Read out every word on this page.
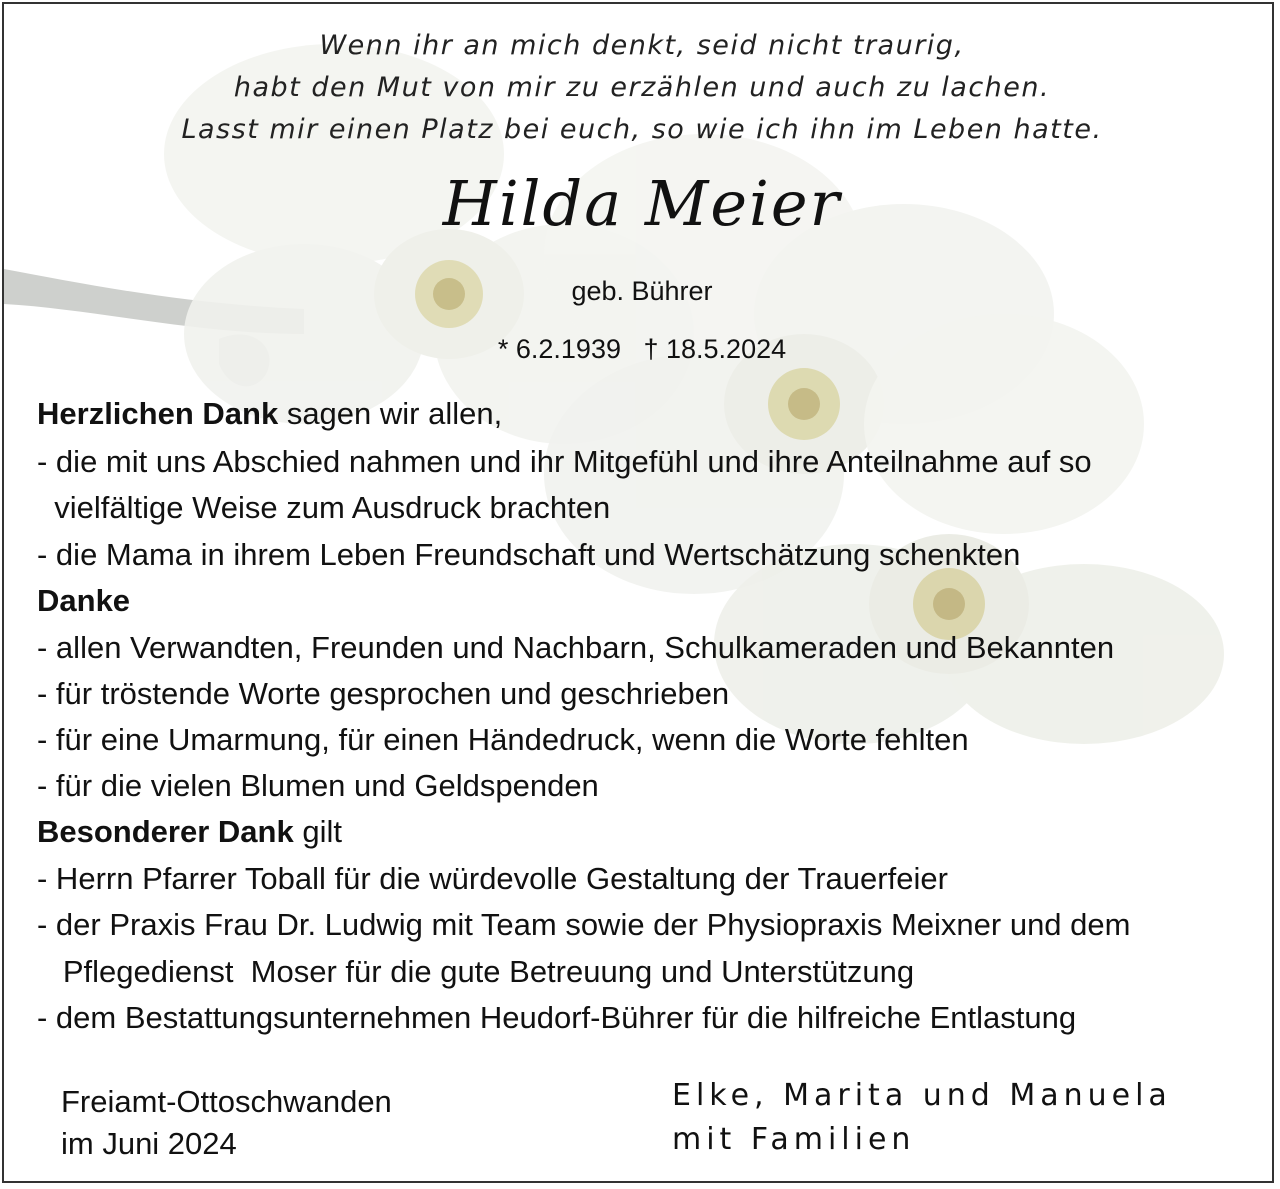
Wenn ihr an mich denkt, seid nicht traurig,
habt den Mut von mir zu erzählen und auch zu lachen.
Lasst mir einen Platz bei euch, so wie ich ihn im Leben hatte.
Hilda Meier
geb. Bührer
* 6.2.1939   † 18.5.2024
Herzlichen Dank sagen wir allen,
- die mit uns Abschied nahmen und ihr Mitgefühl und ihre Anteilnahme auf so
vielfältige Weise zum Ausdruck brachten
- die Mama in ihrem Leben Freundschaft und Wertschätzung schenkten
Danke
- allen Verwandten, Freunden und Nachbarn, Schulkameraden und Bekannten
- für tröstende Worte gesprochen und geschrieben
- für eine Umarmung, für einen Händedruck, wenn die Worte fehlten
- für die vielen Blumen und Geldspenden
Besonderer Dank gilt
- Herrn Pfarrer Toball für die würdevolle Gestaltung der Trauerfeier
- der Praxis Frau Dr. Ludwig mit Team sowie der Physiopraxis Meixner und dem
Pflegedienst  Moser für die gute Betreuung und Unterstützung
- dem Bestattungsunternehmen Heudorf-Bührer für die hilfreiche Entlastung
Freiamt-Ottoschwanden
im Juni 2024
Elke, Marita und Manuela
mit Familien
